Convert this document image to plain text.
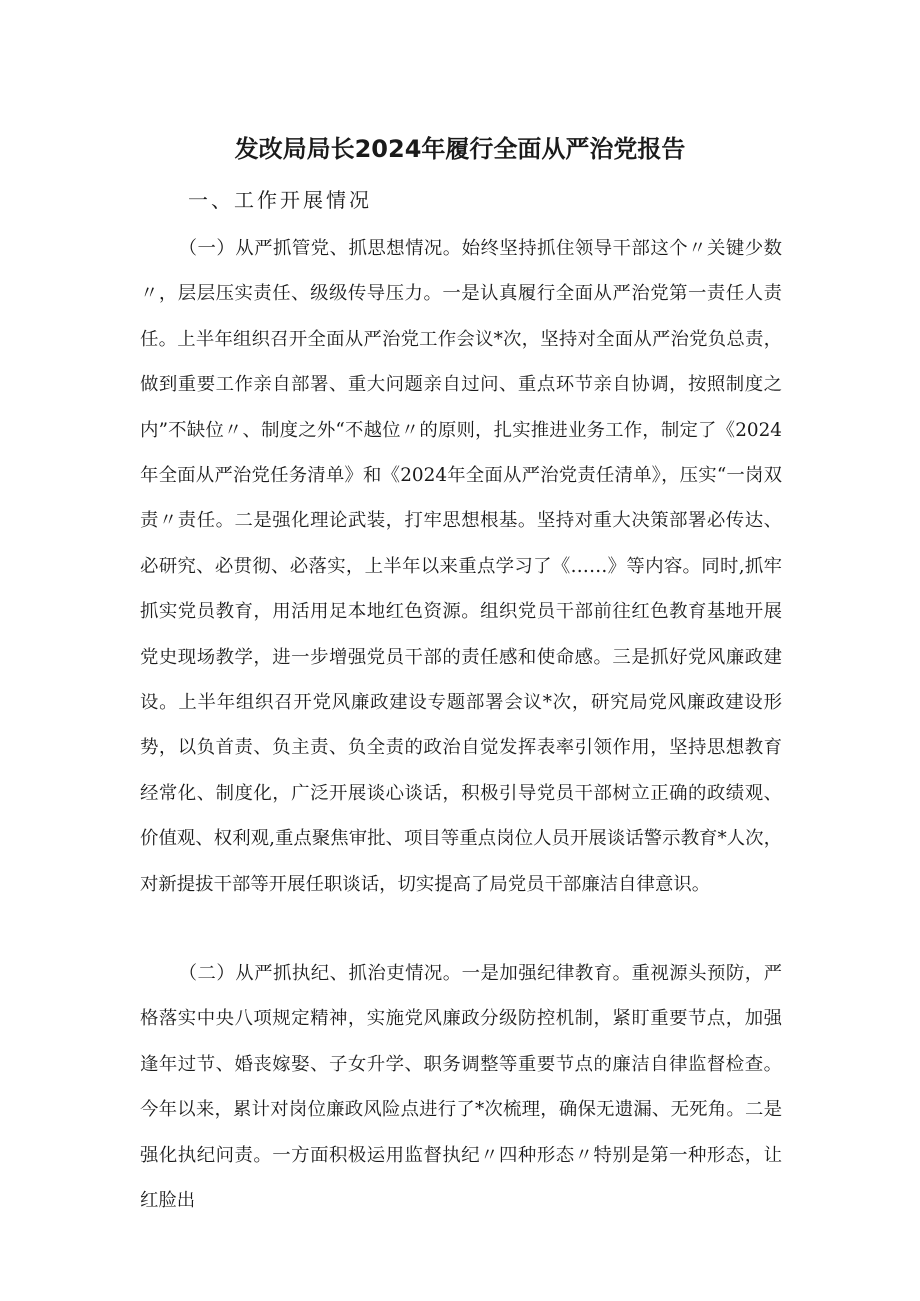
发改局局长2024年履行全面从严治党报告
一、工作开展情况

（一）从严抓管党、抓思想情况。始终坚持抓住领导干部这个〃关键少数〃，层层压实责任、级级传导压力。一是认真履行全面从严治党第一责任人责任。上半年组织召开全面从严治党工作会议*次，坚持对全面从严治党负总责，做到重要工作亲自部署、重大问题亲自过问、重点环节亲自协调，按照制度之内”不缺位〃、制度之外“不越位〃的原则，扎实推进业务工作，制定了《2024年全面从严治党任务清单》和《2024年全面从严治党责任清单》，压实“一岗双责〃责任。二是强化理论武装，打牢思想根基。坚持对重大决策部署必传达、必研究、必贯彻、必落实，上半年以来重点学习了《……》等内容。同时,抓牢抓实党员教育，用活用足本地红色资源。组织党员干部前往红色教育基地开展党史现场教学，进一步增强党员干部的责任感和使命感。三是抓好党风廉政建设。上半年组织召开党风廉政建设专题部署会议*次，研究局党风廉政建设形势，以负首责、负主责、负全责的政治自觉发挥表率引领作用，坚持思想教育经常化、制度化，广泛开展谈心谈话，积极引导党员干部树立正确的政绩观、价值观、权利观,重点聚焦审批、项目等重点岗位人员开展谈话警示教育*人次，对新提拔干部等开展任职谈话，切实提高了局党员干部廉洁自律意识。

（二）从严抓执纪、抓治吏情况。一是加强纪律教育。重视源头预防，严格落实中央八项规定精神，实施党风廉政分级防控机制，紧盯重要节点，加强逢年过节、婚丧嫁娶、子女升学、职务调整等重要节点的廉洁自律监督检查。今年以来，累计对岗位廉政风险点进行了*次梳理，确保无遗漏、无死角。二是强化执纪问责。一方面积极运用监督执纪〃四种形态〃特别是第一种形态，让红脸出
